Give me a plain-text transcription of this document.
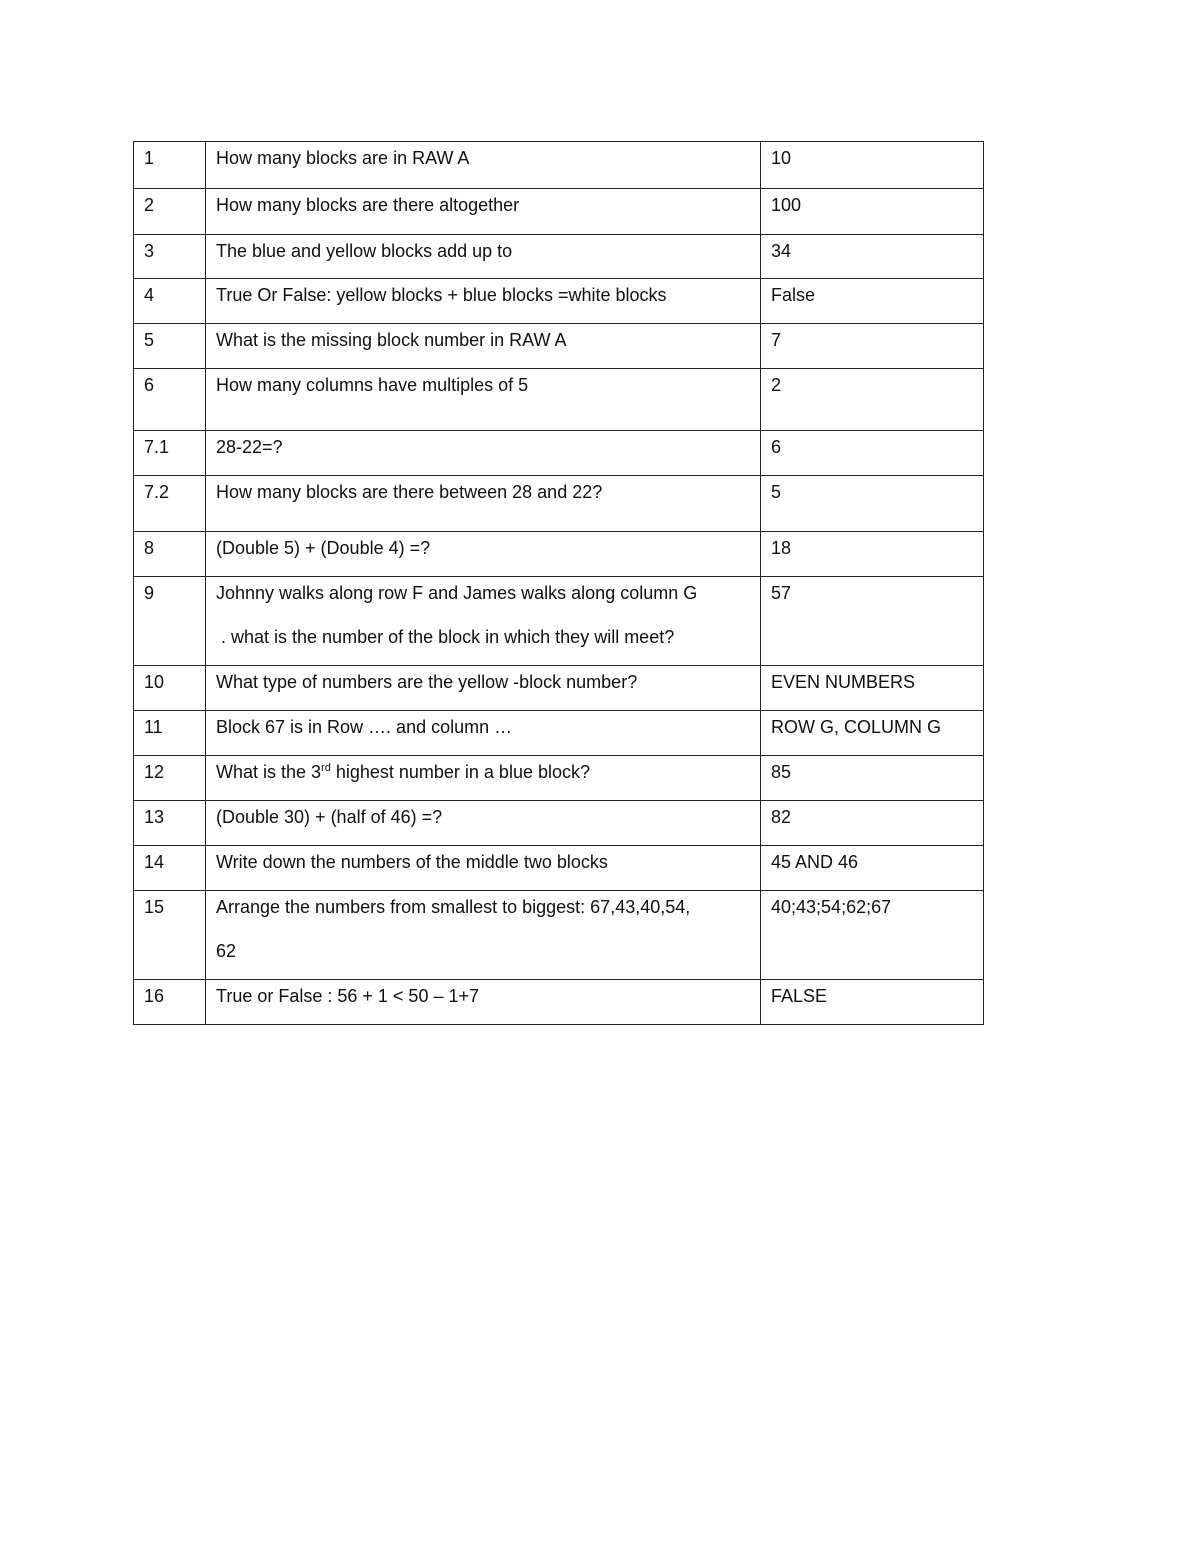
1	How many blocks are in RAW A	10

2	How many blocks are there altogether	100

3	The blue and yellow blocks add up to	34

4	True Or False: yellow blocks + blue blocks =white blocks	False

5	What is the missing block number in RAW A	7

6	How many columns have multiples of 5	2

7.1	28-22=?	6

7.2	How many blocks are there between 28 and 22?	5

8	(Double 5) + (Double 4) =?	18

9	Johnny walks along row F and James walks along column G
. what is the number of the block in which they will meet?	57

10	What type of numbers are the yellow -block number?	EVEN NUMBERS

11	Block 67 is in Row …. and column …	ROW G, COLUMN G

12	What is the 3rd highest number in a blue block?	85

13	(Double 30) + (half of 46) =?	82

14	Write down the numbers of the middle two blocks	45 AND 46

15	Arrange the numbers from smallest to biggest: 67,43,40,54,
62	40;43;54;62;67

16	True or False : 56 + 1 < 50 – 1+7	FALSE
